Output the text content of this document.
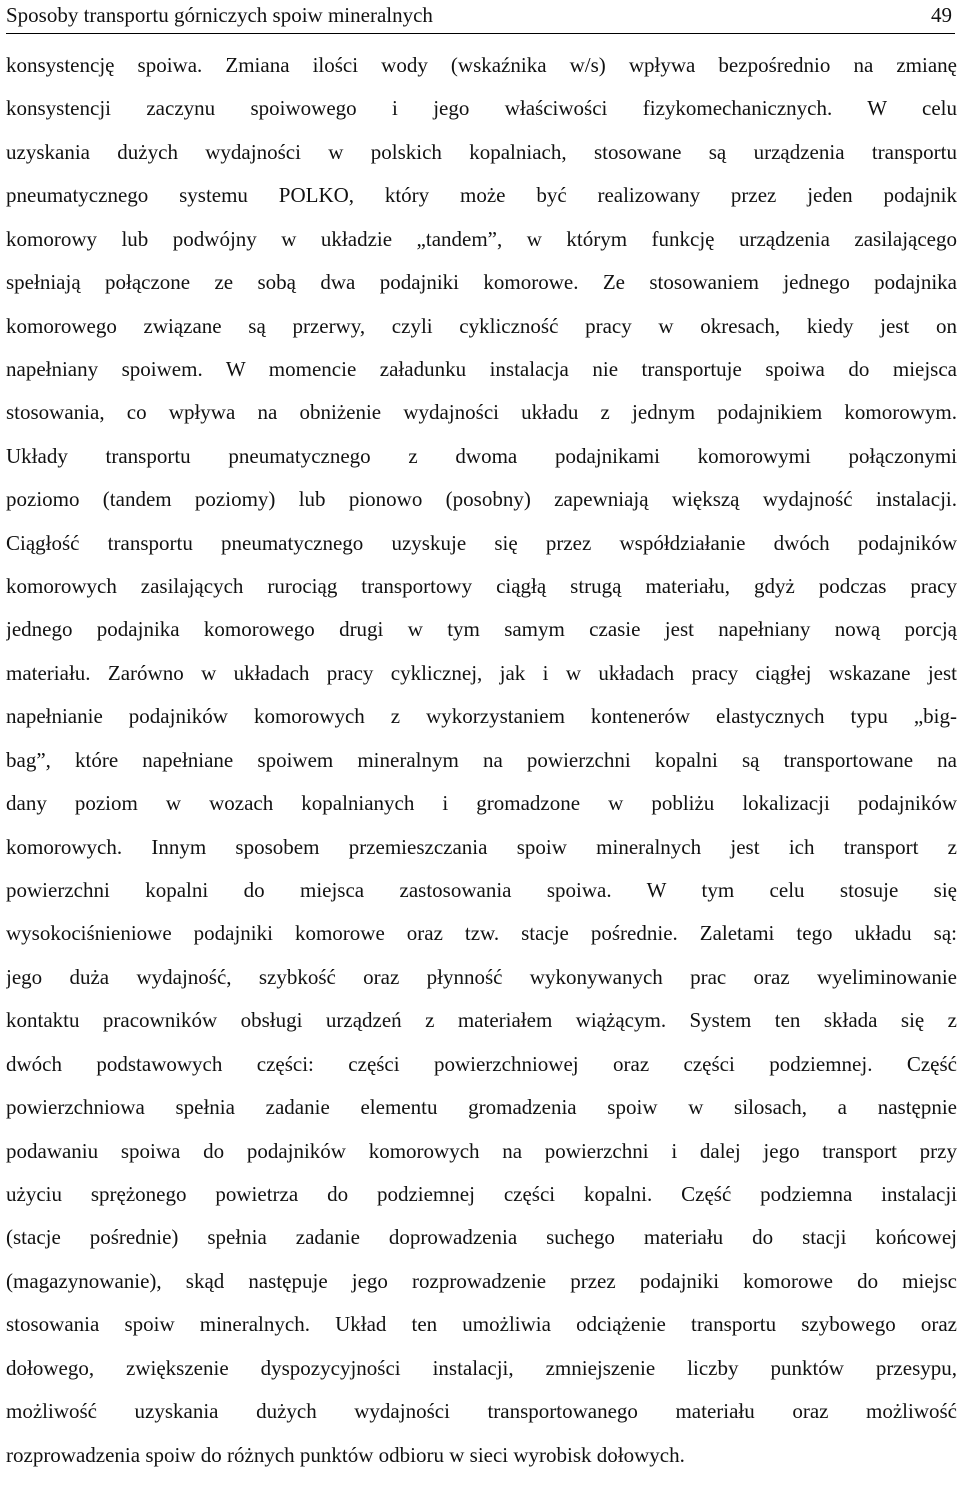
Sposoby transportu górniczych spoiw mineralnych	49
konsystencję spoiwa. Zmiana ilości wody (wskaźnika w/s) wpływa bezpośrednio na zmianę
konsystencji zaczynu spoiwowego i jego właściwości fizykomechanicznych. W celu
uzyskania dużych wydajności w polskich kopalniach, stosowane są urządzenia transportu
pneumatycznego systemu POLKO, który może być realizowany przez jeden podajnik
komorowy lub podwójny w układzie „tandem”, w którym funkcję urządzenia zasilającego
spełniają połączone ze sobą dwa podajniki komorowe. Ze stosowaniem jednego podajnika
komorowego związane są przerwy, czyli cykliczność pracy w okresach, kiedy jest on
napełniany spoiwem. W momencie załadunku instalacja nie transportuje spoiwa do miejsca
stosowania, co wpływa na obniżenie wydajności układu z jednym podajnikiem komorowym.
Układy transportu pneumatycznego z dwoma podajnikami komorowymi połączonymi
poziomo (tandem poziomy) lub pionowo (posobny) zapewniają większą wydajność instalacji.
Ciągłość transportu pneumatycznego uzyskuje się przez współdziałanie dwóch podajników
komorowych zasilających rurociąg transportowy ciągłą strugą materiału, gdyż podczas pracy
jednego podajnika komorowego drugi w tym samym czasie jest napełniany nową porcją
materiału. Zarówno w układach pracy cyklicznej, jak i w układach pracy ciągłej wskazane jest
napełnianie podajników komorowych z wykorzystaniem kontenerów elastycznych typu „big-
bag”, które napełniane spoiwem mineralnym na powierzchni kopalni są transportowane na
dany poziom w wozach kopalnianych i gromadzone w pobliżu lokalizacji podajników
komorowych. Innym sposobem przemieszczania spoiw mineralnych jest ich transport z
powierzchni kopalni do miejsca zastosowania spoiwa. W tym celu stosuje się
wysokociśnieniowe podajniki komorowe oraz tzw. stacje pośrednie. Zaletami tego układu są:
jego duża wydajność, szybkość oraz płynność wykonywanych prac oraz wyeliminowanie
kontaktu pracowników obsługi urządzeń z materiałem wiążącym. System ten składa się z
dwóch podstawowych części: części powierzchniowej oraz części podziemnej. Część
powierzchniowa spełnia zadanie elementu gromadzenia spoiw w silosach, a następnie
podawaniu spoiwa do podajników komorowych na powierzchni i dalej jego transport przy
użyciu sprężonego powietrza do podziemnej części kopalni. Część podziemna instalacji
(stacje pośrednie) spełnia zadanie doprowadzenia suchego materiału do stacji końcowej
(magazynowanie), skąd następuje jego rozprowadzenie przez podajniki komorowe do miejsc
stosowania spoiw mineralnych. Układ ten umożliwia odciążenie transportu szybowego oraz
dołowego, zwiększenie dyspozycyjności instalacji, zmniejszenie liczby punktów przesypu,
możliwość uzyskania dużych wydajności transportowanego materiału oraz możliwość
rozprowadzenia spoiw do różnych punktów odbioru w sieci wyrobisk dołowych.
